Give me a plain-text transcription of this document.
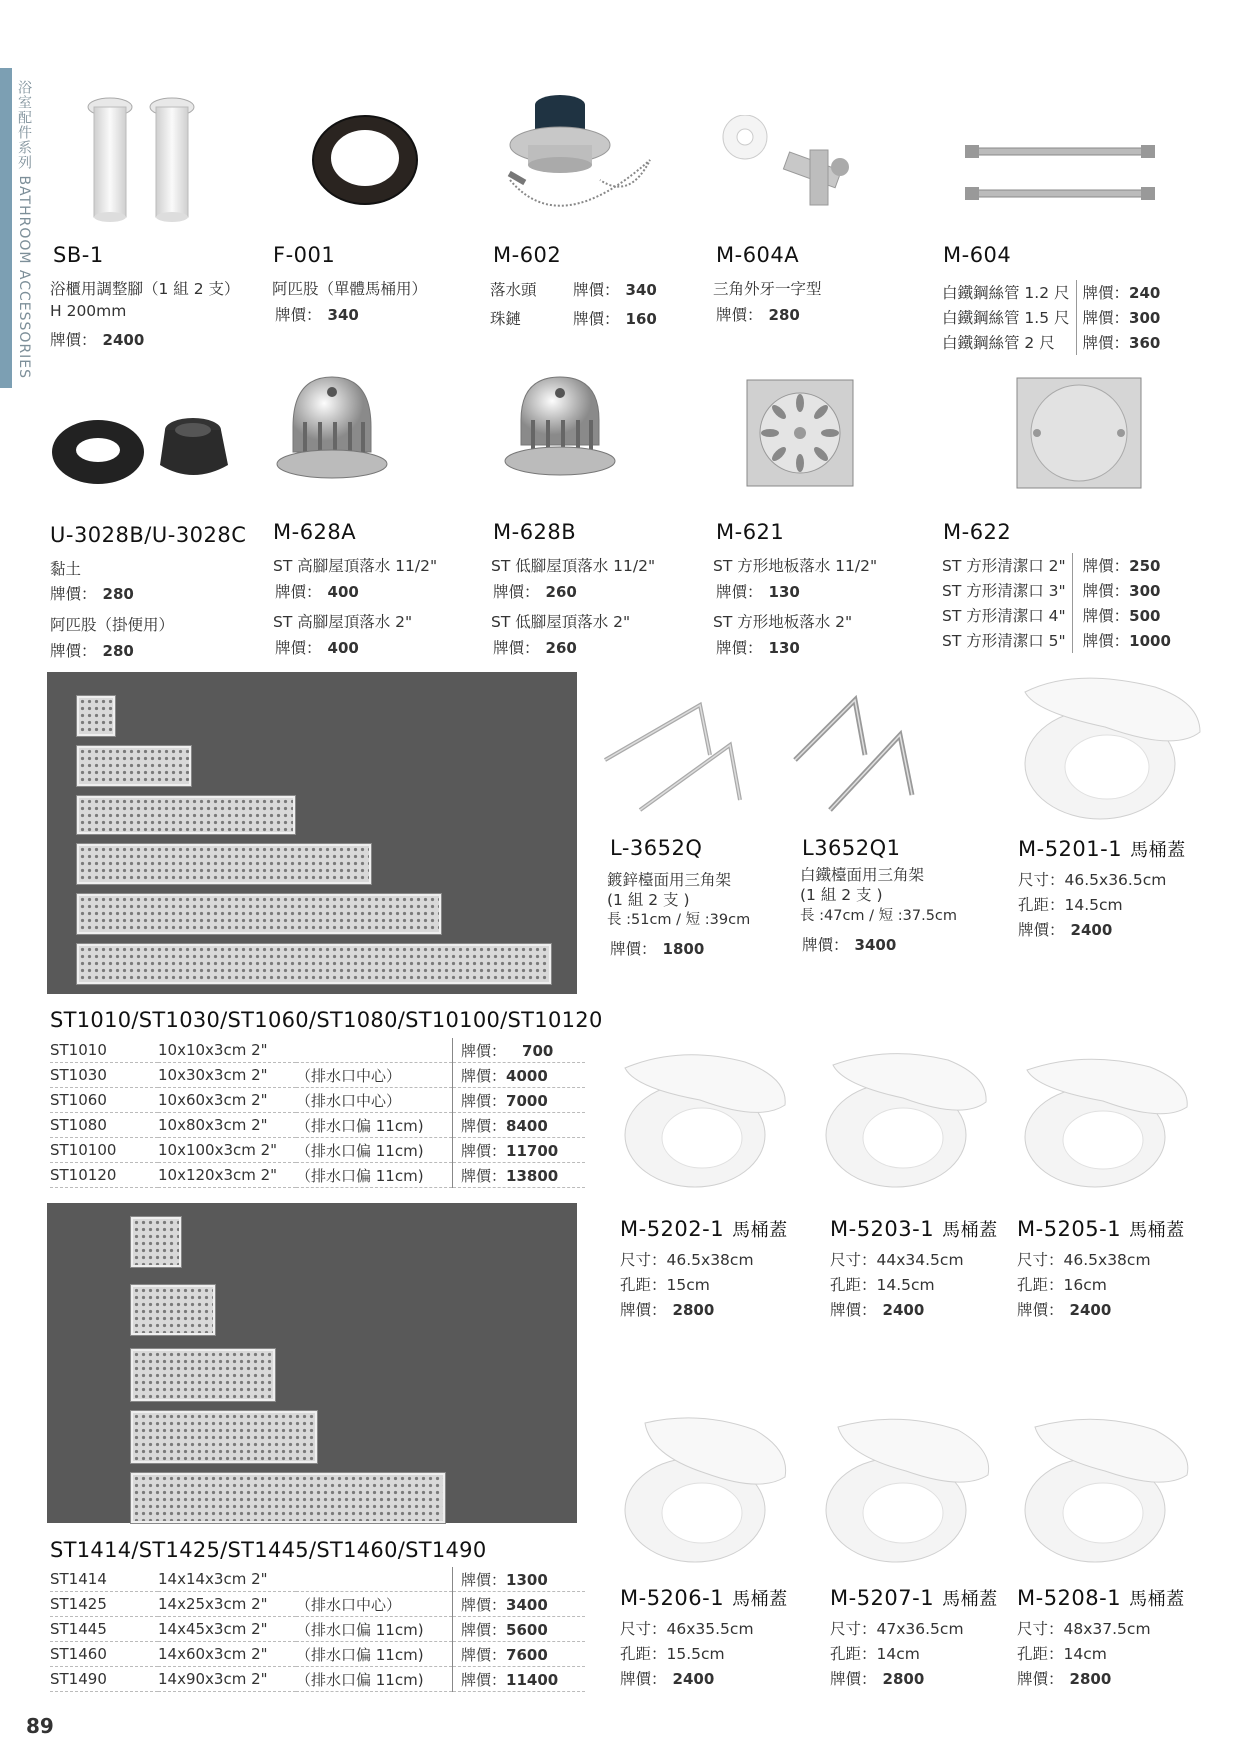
浴室配件系列 BATHROOM ACCESSORIES SB-1
浴櫃用調整腳（1 組 2 支）
H 200mm
牌價： 2400
F-001
阿匹股（單體馬桶用）
牌價： 340
M-602
落水頭 牌價： 340
珠鏈	牌價： 160
M-604A
三角外牙一字型
牌價： 280
M-604
白鐵鋼絲管 1.2 尺	牌價：240
白鐵鋼絲管 1.5 尺	牌價：300
白鐵鋼絲管 2 尺	牌價：360
U-3028B/U-3028C
黏土
牌價： 280
阿匹股（掛便用）
牌價： 280
M-628A
ST 高腳屋頂落水 11/2"
牌價： 400
ST 高腳屋頂落水 2"
牌價： 400
M-628B
ST 低腳屋頂落水 11/2"
牌價： 260
ST 低腳屋頂落水 2"
牌價： 260
M-621
ST 方形地板落水 11/2"
牌價： 130
ST 方形地板落水 2"
牌價： 130
M-622
ST 方形清潔口 2"	牌價：250
ST 方形清潔口 3"	牌價：300
ST 方形清潔口 4"	牌價：500
ST 方形清潔口 5"	牌價：1000
L-3652Q
鍍鋅檯面用三角架
(1 組 2 支 )
長 :51cm / 短 :39cm
牌價： 1800
L3652Q1
白鐵檯面用三角架
(1 組 2 支 )
長 :47cm / 短 :37.5cm
牌價： 3400
M-5201-1 馬桶蓋
尺寸：46.5x36.5cm
孔距：14.5cm
牌價： 2400
M-5202-1 馬桶蓋
尺寸：46.5x38cm
孔距：15cm
牌價： 2800
M-5203-1 馬桶蓋
尺寸：44x34.5cm
孔距：14.5cm
牌價： 2400
M-5205-1 馬桶蓋
尺寸：46.5x38cm
孔距：16cm
牌價： 2400
M-5206-1 馬桶蓋
尺寸：46x35.5cm
孔距：15.5cm
牌價： 2400
M-5207-1 馬桶蓋
尺寸：47x36.5cm
孔距：14cm
牌價： 2800
M-5208-1 馬桶蓋
尺寸：48x37.5cm
孔距：14cm
牌價： 2800
ST1010/ST1030/ST1060/ST1080/ST10100/ST10120
ST1010	10x10x3cm 2"		牌價： 700
ST1030	10x30x3cm 2"	（排水口中心）	牌價：4000
ST1060	10x60x3cm 2"	（排水口中心）	牌價：7000
ST1080	10x80x3cm 2"	（排水口偏 11cm)	牌價：8400
ST10100	10x100x3cm 2"	（排水口偏 11cm)	牌價：11700
ST10120	10x120x3cm 2"	（排水口偏 11cm)	牌價：13800
ST1414/ST1425/ST1445/ST1460/ST1490
ST1414	14x14x3cm 2"		牌價：1300
ST1425	14x25x3cm 2"	（排水口中心）	牌價：3400
ST1445	14x45x3cm 2"	（排水口偏 11cm)	牌價：5600
ST1460	14x60x3cm 2"	（排水口偏 11cm)	牌價：7600
ST1490	14x90x3cm 2"	（排水口偏 11cm)	牌價：11400
89
